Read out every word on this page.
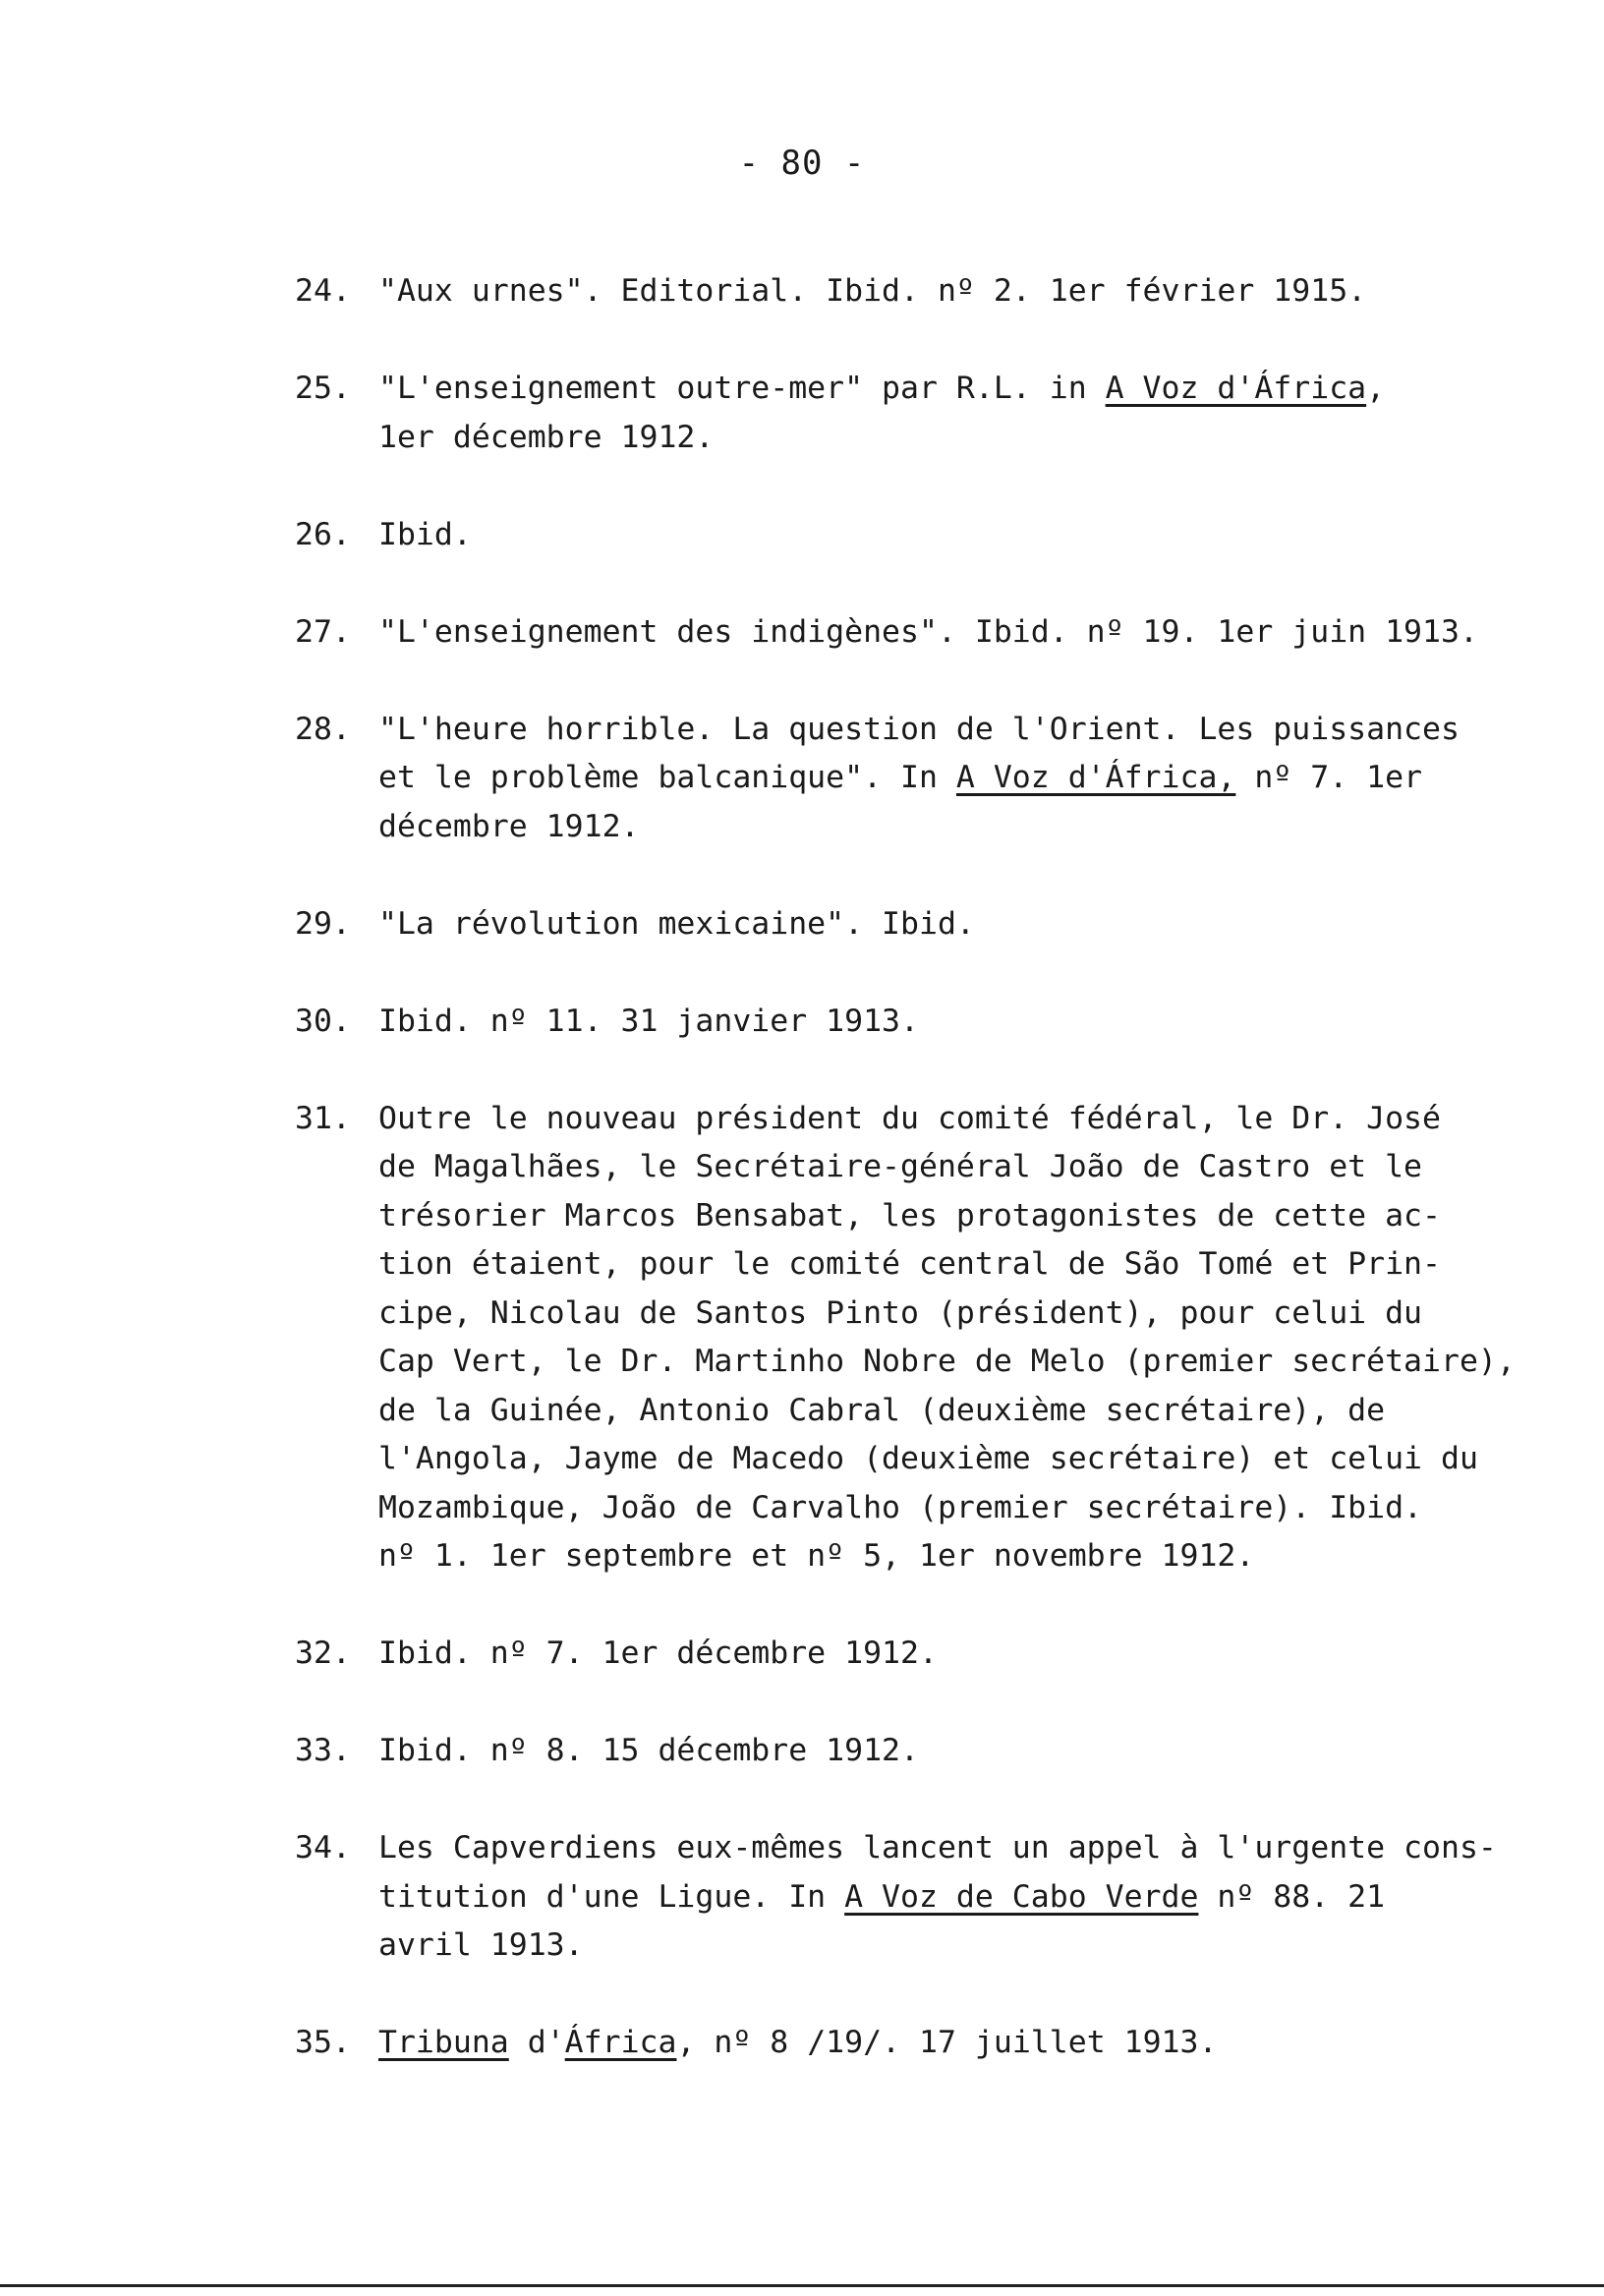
- 80 -
24. "Aux urnes". Editorial. Ibid. nº 2. 1er février 1915.
25. "L'enseignement outre-mer" par R.L. in A Voz d'África,
1er décembre 1912.
26. Ibid.
27. "L'enseignement des indigènes". Ibid. nº 19. 1er juin 1913.
28. "L'heure horrible. La question de l'Orient. Les puissances
et le problème balcanique". In A Voz d'África, nº 7. 1er
décembre 1912.
29. "La révolution mexicaine". Ibid.
30. Ibid. nº 11. 31 janvier 1913.
31. Outre le nouveau président du comité fédéral, le Dr. José
de Magalhães, le Secrétaire-général João de Castro et le
trésorier Marcos Bensabat, les protagonistes de cette ac-
tion étaient, pour le comité central de São Tomé et Prin-
cipe, Nicolau de Santos Pinto (président), pour celui du
Cap Vert, le Dr. Martinho Nobre de Melo (premier secrétaire),
de la Guinée, Antonio Cabral (deuxième secrétaire), de
l'Angola, Jayme de Macedo (deuxième secrétaire) et celui du
Mozambique, João de Carvalho (premier secrétaire). Ibid.
nº 1. 1er septembre et nº 5, 1er novembre 1912.
32. Ibid. nº 7. 1er décembre 1912.
33. Ibid. nº 8. 15 décembre 1912.
34. Les Capverdiens eux-mêmes lancent un appel à l'urgente cons-
titution d'une Ligue. In A Voz de Cabo Verde nº 88. 21
avril 1913.
35. Tribuna d'África, nº 8 /19/. 17 juillet 1913.
